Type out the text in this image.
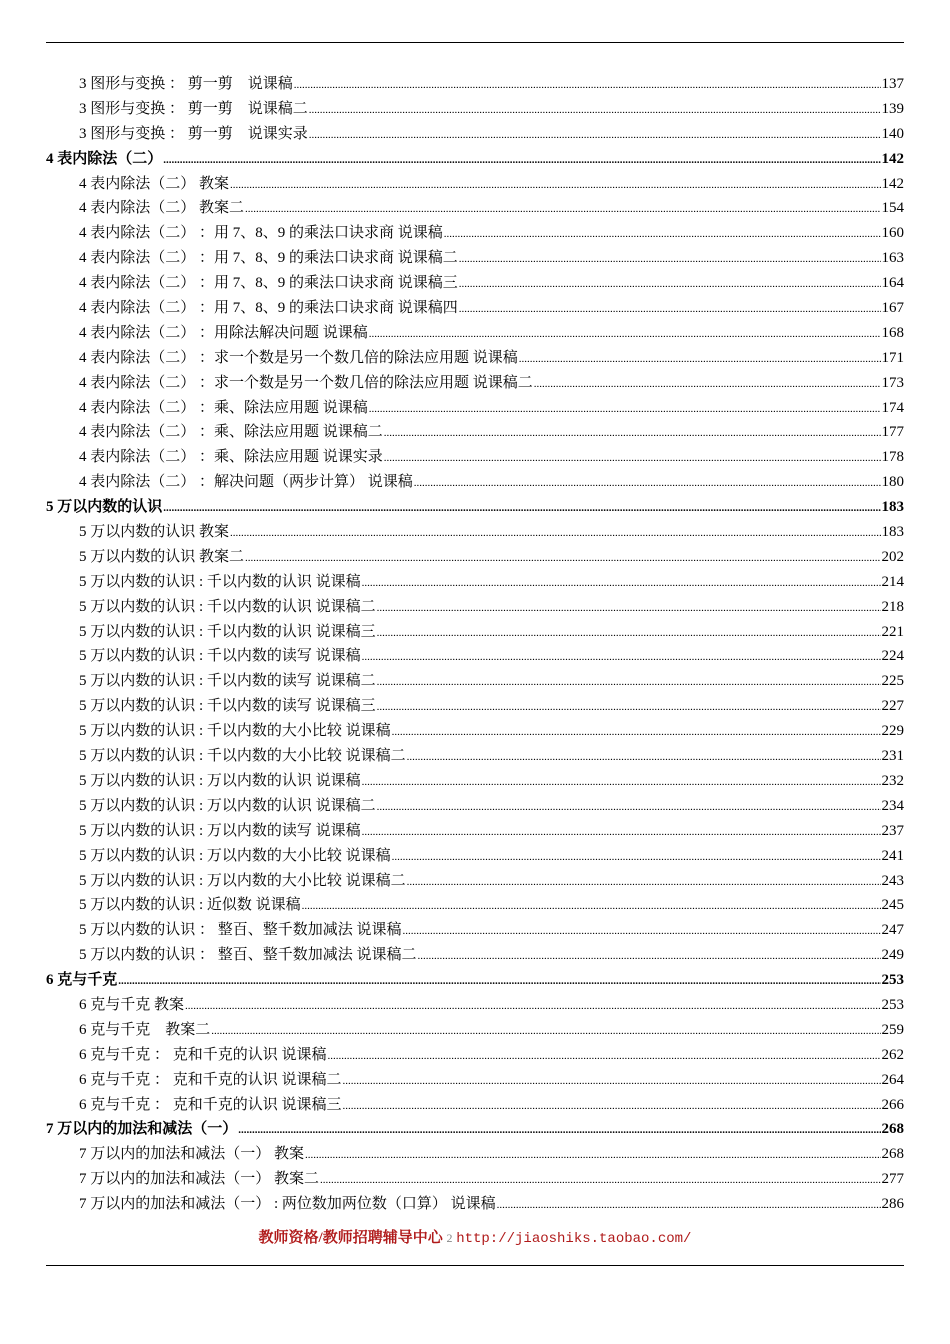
3 图形与变换 ： 剪一剪　说课稿 .....	137
3 图形与变换 ： 剪一剪　说课稿二 .....	139
3 图形与变换 ： 剪一剪　说课实录 .....	140
4 表内除法（二） .....	142
4 表内除法（二） 教案 .....	142
4 表内除法（二） 教案二 .....	154
4 表内除法（二） ：用 7、8、9 的乘法口诀求商 说课稿 .....	160
4 表内除法（二） ：用 7、8、9 的乘法口诀求商 说课稿二 .....	163
4 表内除法（二） ：用 7、8、9 的乘法口诀求商 说课稿三 .....	164
4 表内除法（二） ：用 7、8、9 的乘法口诀求商 说课稿四 .....	167
4 表内除法（二） ：用除法解决问题 说课稿 .....	168
4 表内除法（二） ：求一个数是另一个数几倍的除法应用题 说课稿 .....	171
4 表内除法（二） ：求一个数是另一个数几倍的除法应用题 说课稿二 .....	173
4 表内除法（二） ：乘、除法应用题 说课稿 .....	174
4 表内除法（二） ：乘、除法应用题 说课稿二 .....	177
4 表内除法（二） ：乘、除法应用题 说课实录 .....	178
4 表内除法（二） ：解决问题（两步计算） 说课稿 .....	180
5 万以内数的认识 .....	183
5 万以内数的认识 教案 .....	183
5 万以内数的认识 教案二 .....	202
5 万以内数的认识 : 千以内数的认识 说课稿 .....	214
5 万以内数的认识 : 千以内数的认识 说课稿二 .....	218
5 万以内数的认识 : 千以内数的认识 说课稿三 .....	221
5 万以内数的认识 : 千以内数的读写 说课稿 .....	224
5 万以内数的认识 : 千以内数的读写 说课稿二 .....	225
5 万以内数的认识 : 千以内数的读写 说课稿三 .....	227
5 万以内数的认识 : 千以内数的大小比较 说课稿 .....	229
5 万以内数的认识 : 千以内数的大小比较 说课稿二 .....	231
5 万以内数的认识 : 万以内数的认识 说课稿 .....	232
5 万以内数的认识 : 万以内数的认识 说课稿二 .....	234
5 万以内数的认识 : 万以内数的读写 说课稿 .....	237
5 万以内数的认识 : 万以内数的大小比较 说课稿 .....	241
5 万以内数的认识 : 万以内数的大小比较 说课稿二 .....	243
5 万以内数的认识 : 近似数 说课稿 .....	245
5 万以内数的认识 ： 整百、整千数加减法 说课稿 .....	247
5 万以内数的认识 ： 整百、整千数加减法 说课稿二 .....	249
6 克与千克 .....	253
6 克与千克 教案 .....	253
6 克与千克　教案二 .....	259
6 克与千克 ： 克和千克的认识 说课稿 .....	262
6 克与千克 ： 克和千克的认识 说课稿二 .....	264
6 克与千克 ： 克和千克的认识 说课稿三 .....	266
7 万以内的加法和减法（一） .....	268
7 万以内的加法和减法（一） 教案 .....	268
7 万以内的加法和减法（一） 教案二 .....	277
7 万以内的加法和减法（一） : 两位数加两位数（口算） 说课稿 .....	286
教师资格/教师招聘辅导中心 2 http://jiaoshiks.taobao.com/
